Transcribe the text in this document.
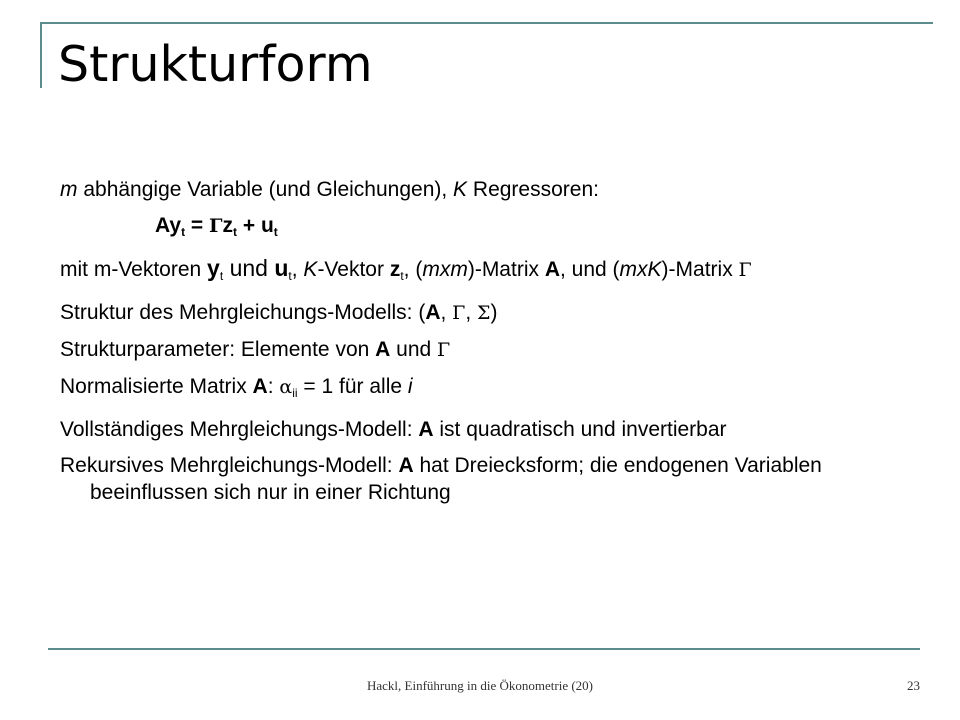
Strukturform

m abhängige Variable (und Gleichungen), K Regressoren:

$Ay_t = \Gamma z_t + u_t$

mit m-Vektoren $y_t$ und $u_t$, K-Vektor $z_t$, (mxm)-Matrix A, und (mxK)-Matrix Γ

Struktur des Mehrgleichungs-Modells: (A, Γ, Σ)

Strukturparameter: Elemente von A und Γ

Normalisierte Matrix A: $\alpha_{ii} = 1$ für alle i

Vollständiges Mehrgleichungs-Modell: A ist quadratisch und invertierbar

Rekursives Mehrgleichungs-Modell: A hat Dreiecksform; die endogenen Variablen beeinflussen sich nur in einer Richtung

Hackl, Einführung in die Ökonometrie (20)	23
